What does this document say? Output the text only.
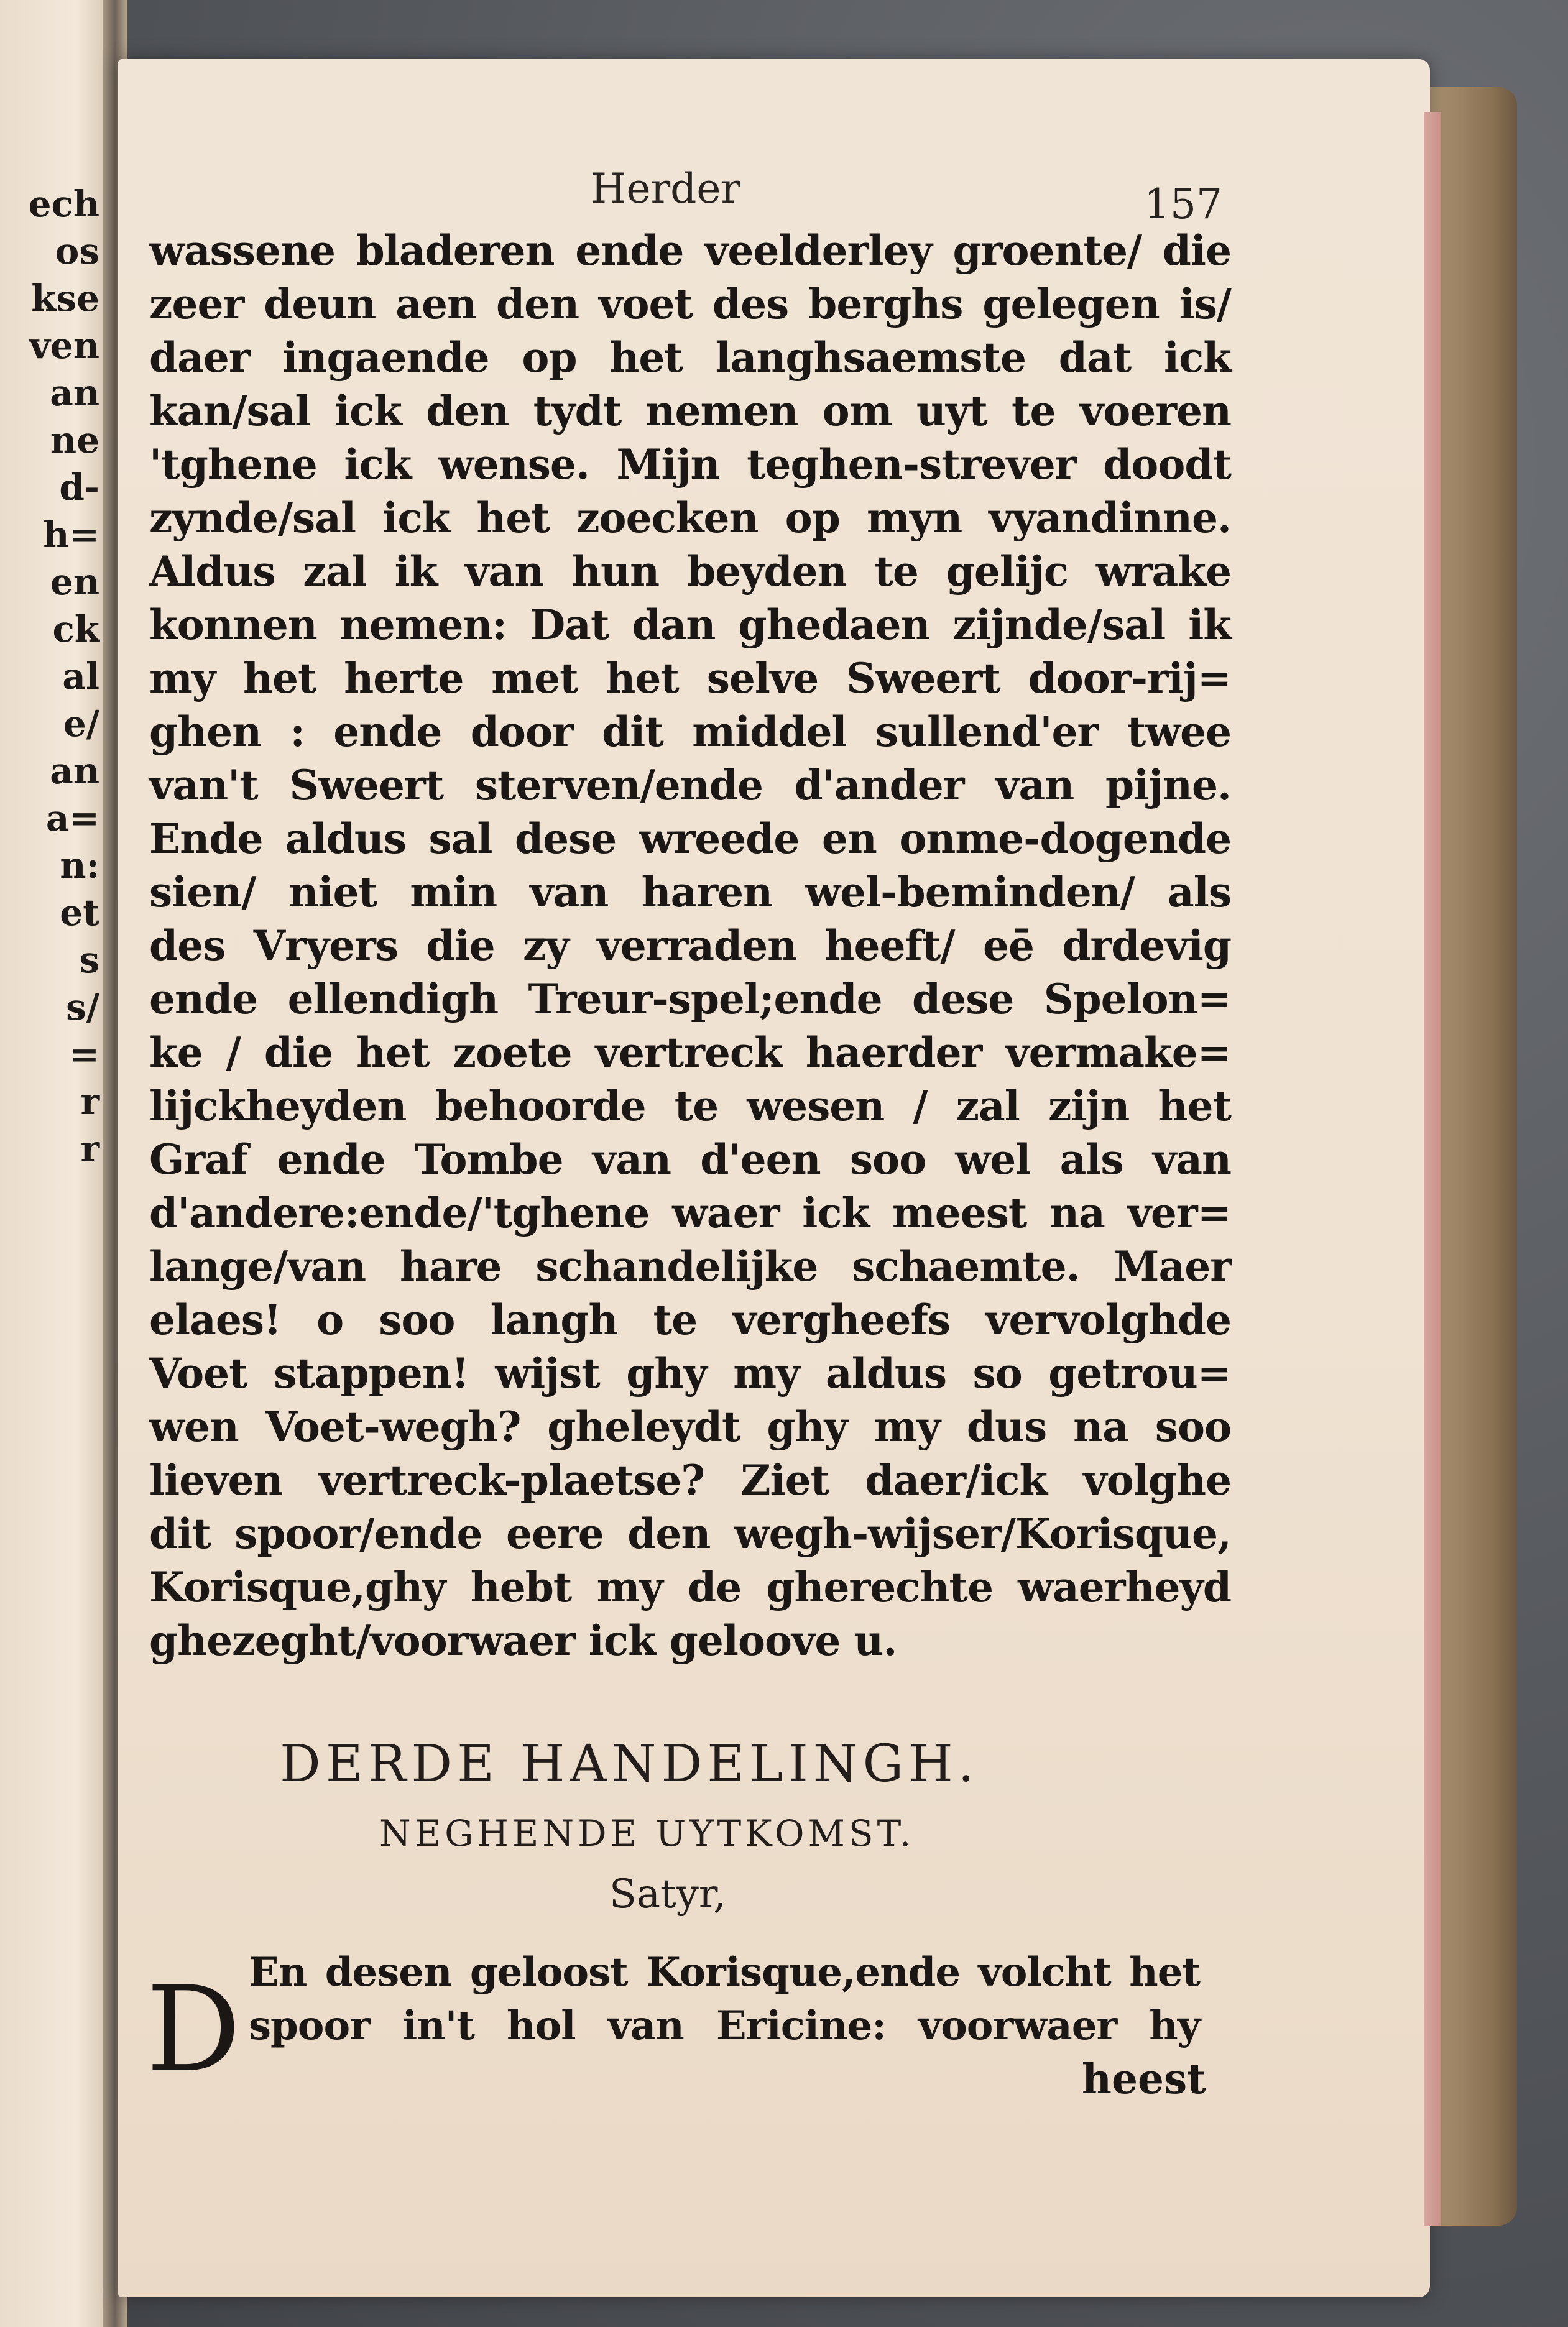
ech
os
kse
ven
an
ne
d-
h=
en
ck
al
e/
an
a=
n:
et
s
s/
=
r
r
Herder	157
wassene bladeren ende veelderley groente/ die
zeer deun aen den voet des berghs gelegen is/
daer ingaende op het langhsaemste dat ick
kan/sal ick den tydt nemen om uyt te voeren
'tghene ick wense. Mijn teghen-strever doodt
zynde/sal ick het zoecken op myn vyandinne.
Aldus zal ik van hun beyden te gelijc wrake
konnen nemen: Dat dan ghedaen zijnde/sal ik
my het herte met het selve Sweert door-rij=
ghen : ende door dit middel sullend'er twee
van't Sweert sterven/ende d'ander van pijne.
Ende aldus sal dese wreede en onme-dogende
sien/ niet min van haren wel-beminden/ als
des Vryers die zy verraden heeft/ eē drdevig
ende ellendigh Treur-spel;ende dese Spelon=
ke / die het zoete vertreck haerder vermake=
lijckheyden behoorde te wesen / zal zijn het
Graf ende Tombe van d'een soo wel als van
d'andere:ende/'tghene waer ick meest na ver=
lange/van hare schandelijke schaemte. Maer
elaes! o soo langh te vergheefs vervolghde
Voet stappen! wijst ghy my aldus so getrou=
wen Voet-wegh? gheleydt ghy my dus na soo
lieven vertreck-plaetse? Ziet daer/ick volghe
dit spoor/ende eere den wegh-wijser/Korisque,
Korisque,ghy hebt my de gherechte waerheyd
ghezeght/voorwaer ick geloove u.
DERDE HANDELINGH.
NEGHENDE UYTKOMST.
Satyr,
D En desen geloost Korisque,ende volcht het
spoor in't hol van Ericine: voorwaer hy
heest
